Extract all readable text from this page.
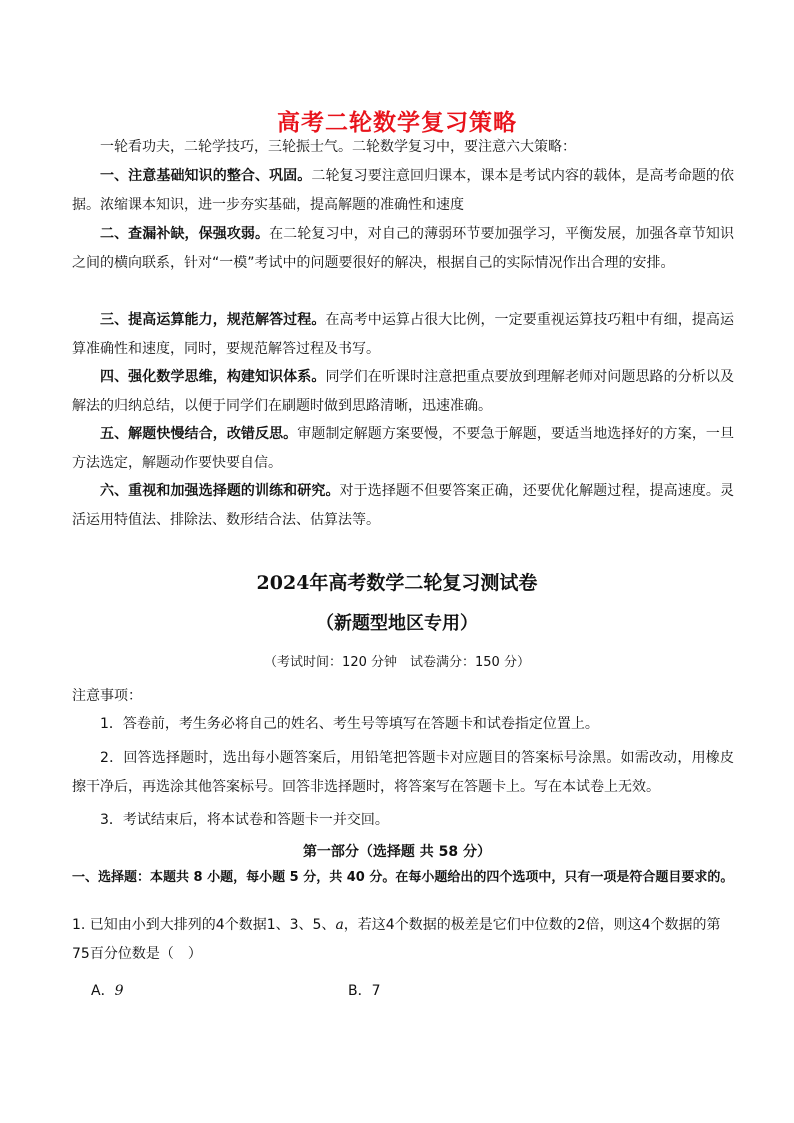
高考二轮数学复习策略

一轮看功夫，二轮学技巧，三轮振士气。二轮数学复习中，要注意六大策略：

一、注意基础知识的整合、巩固。二轮复习要注意回归课本，课本是考试内容的载体，是高考命题的依据。浓缩课本知识，进一步夯实基础，提高解题的准确性和速度

二、查漏补缺，保强攻弱。在二轮复习中，对自己的薄弱环节要加强学习，平衡发展，加强各章节知识之间的横向联系，针对“一模”考试中的问题要很好的解决，根据自己的实际情况作出合理的安排。

三、提高运算能力，规范解答过程。在高考中运算占很大比例，一定要重视运算技巧粗中有细，提高运算准确性和速度，同时，要规范解答过程及书写。

四、强化数学思维，构建知识体系。同学们在听课时注意把重点要放到理解老师对问题思路的分析以及解法的归纳总结，以便于同学们在刷题时做到思路清晰，迅速准确。

五、解题快慢结合，改错反思。审题制定解题方案要慢，不要急于解题，要适当地选择好的方案，一旦方法选定，解题动作要快要自信。

六、重视和加强选择题的训练和研究。对于选择题不但要答案正确，还要优化解题过程，提高速度。灵活运用特值法、排除法、数形结合法、估算法等。

2024年高考数学二轮复习测试卷

（新题型地区专用）

（考试时间：120 分钟　试卷满分：150 分）

注意事项：

1．答卷前，考生务必将自己的姓名、考生号等填写在答题卡和试卷指定位置上。

2．回答选择题时，选出每小题答案后，用铅笔把答题卡对应题目的答案标号涂黑。如需改动，用橡皮擦干净后，再选涂其他答案标号。回答非选择题时，将答案写在答题卡上。写在本试卷上无效。

3．考试结束后，将本试卷和答题卡一并交回。

第一部分（选择题 共 58 分）

一、选择题：本题共 8 小题，每小题 5 分，共 40 分。在每小题给出的四个选项中，只有一项是符合题目要求的。

1. 已知由小到大排列的4个数据1、3、5、a，若这4个数据的极差是它们中位数的2倍，则这4个数据的第75百分位数是（　）

A．9	B．7
